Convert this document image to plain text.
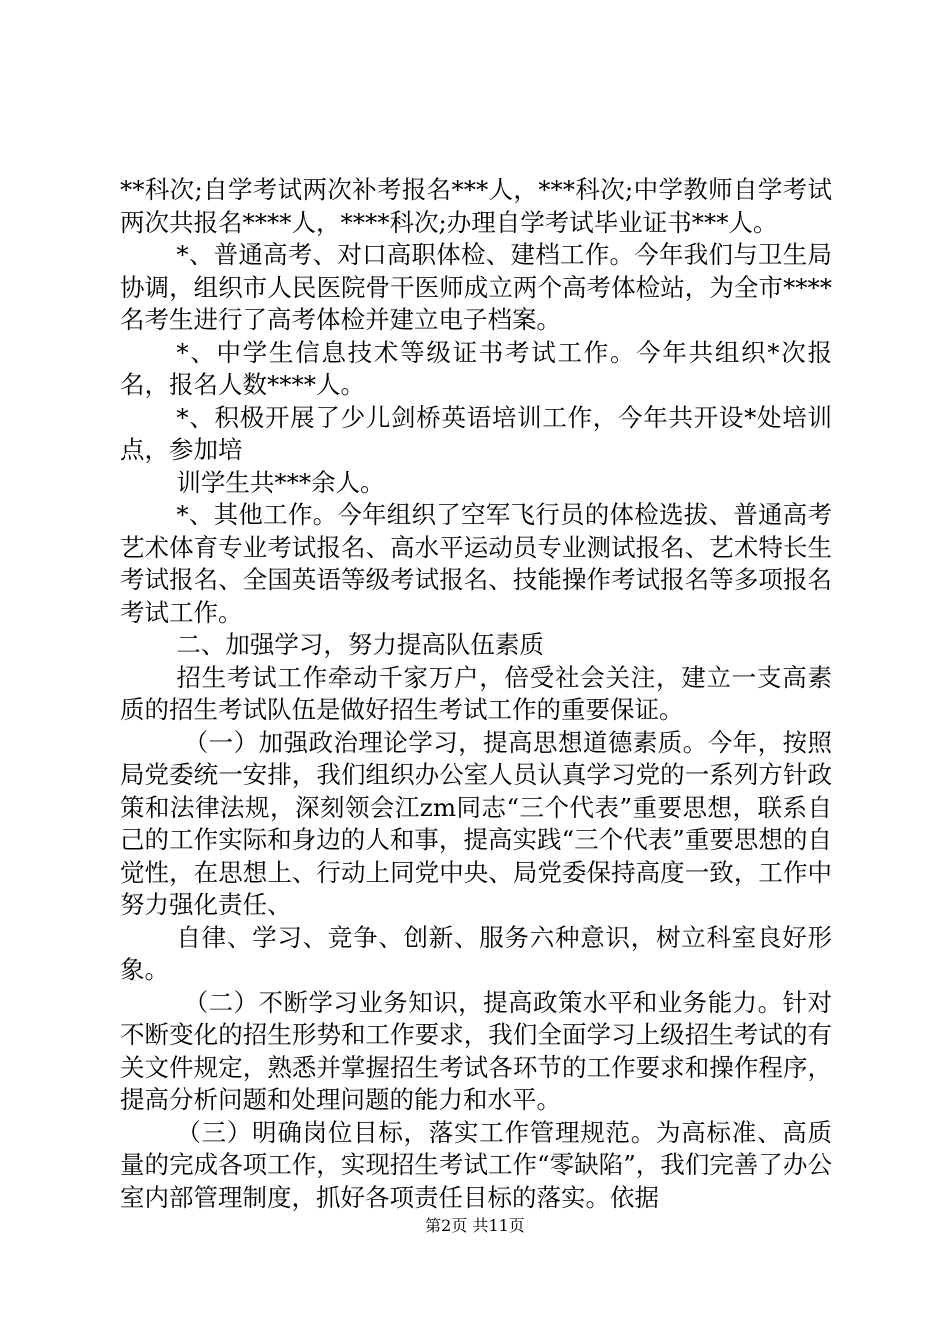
**科次;自学考试两次补考报名***人，***科次;中学教师自学考试两次共报名****人，****科次;办理自学考试毕业证书***人。

*、普通高考、对口高职体检、建档工作。今年我们与卫生局协调，组织市人民医院骨干医师成立两个高考体检站，为全市****名考生进行了高考体检并建立电子档案。

*、中学生信息技术等级证书考试工作。今年共组织*次报名，报名人数****人。

*、积极开展了少儿剑桥英语培训工作，今年共开设*处培训点，参加培

训学生共***余人。

*、其他工作。今年组织了空军飞行员的体检选拔、普通高考艺术体育专业考试报名、高水平运动员专业测试报名、艺术特长生考试报名、全国英语等级考试报名、技能操作考试报名等多项报名考试工作。

二、加强学习，努力提高队伍素质

招生考试工作牵动千家万户，倍受社会关注，建立一支高素质的招生考试队伍是做好招生考试工作的重要保证。

（一）加强政治理论学习，提高思想道德素质。今年，按照局党委统一安排，我们组织办公室人员认真学习党的一系列方针政策和法律法规，深刻领会江zm同志“三个代表”重要思想，联系自己的工作实际和身边的人和事，提高实践“三个代表”重要思想的自觉性，在思想上、行动上同党中央、局党委保持高度一致，工作中努力强化责任、

自律、学习、竞争、创新、服务六种意识，树立科室良好形象。

（二）不断学习业务知识，提高政策水平和业务能力。针对不断变化的招生形势和工作要求，我们全面学习上级招生考试的有关文件规定，熟悉并掌握招生考试各环节的工作要求和操作程序，提高分析问题和处理问题的能力和水平。

（三）明确岗位目标，落实工作管理规范。为高标准、高质量的完成各项工作，实现招生考试工作“零缺陷”，我们完善了办公室内部管理制度，抓好各项责任目标的落实。依据

第2页 共11页
